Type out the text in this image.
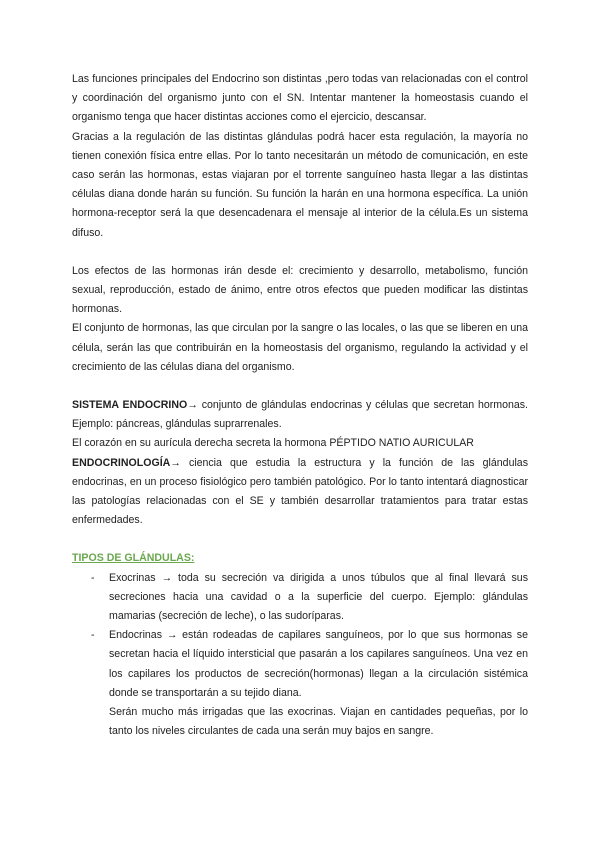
Las funciones principales del Endocrino son distintas ,pero todas van relacionadas con el control y coordinación del organismo junto con el SN. Intentar mantener la homeostasis cuando el organismo tenga que hacer distintas acciones como el ejercicio, descansar.

Gracias a la regulación de las distintas glándulas podrá hacer esta regulación, la mayoría no tienen conexión física entre ellas. Por lo tanto necesitarán un método de comunicación, en este caso serán las hormonas, estas viajaran por el torrente sanguíneo hasta llegar a las distintas células diana donde harán su función. Su función la harán en una hormona específica. La unión hormona-receptor será la que desencadenara el mensaje al interior de la célula.Es un sistema difuso.

Los efectos de las hormonas irán desde el: crecimiento y desarrollo, metabolismo, función sexual, reproducción, estado de ánimo, entre otros efectos que pueden modificar las distintas hormonas.

El conjunto de hormonas, las que circulan por la sangre o las locales, o las que se liberen en una célula, serán las que contribuirán en la homeostasis del organismo, regulando la actividad y el crecimiento de las células diana del organismo.

SISTEMA ENDOCRINO→ conjunto de glándulas endocrinas y células que secretan hormonas. Ejemplo: páncreas, glándulas suprarrenales.

El corazón en su aurícula derecha secreta la hormona PÉPTIDO NATIO AURICULAR

ENDOCRINOLOGÍA→ ciencia que estudia la estructura y la función de las glándulas endocrinas, en un proceso fisiológico pero también patológico. Por lo tanto intentará diagnosticar las patologías relacionadas con el SE y también desarrollar tratamientos para tratar estas enfermedades.

TIPOS DE GLÁNDULAS:

- Exocrinas → toda su secreción va dirigida a unos túbulos que al final llevará sus secreciones hacia una cavidad o a la superficie del cuerpo. Ejemplo: glándulas mamarias (secreción de leche), o las sudoríparas.
- Endocrinas → están rodeadas de capilares sanguíneos, por lo que sus hormonas se secretan hacia el líquido intersticial que pasarán a los capilares sanguíneos. Una vez en los capilares los productos de secreción(hormonas) llegan a la circulación sistémica donde se transportarán a su tejido diana.

Serán mucho más irrigadas que las exocrinas. Viajan en cantidades pequeñas, por lo tanto los niveles circulantes de cada una serán muy bajos en sangre.
